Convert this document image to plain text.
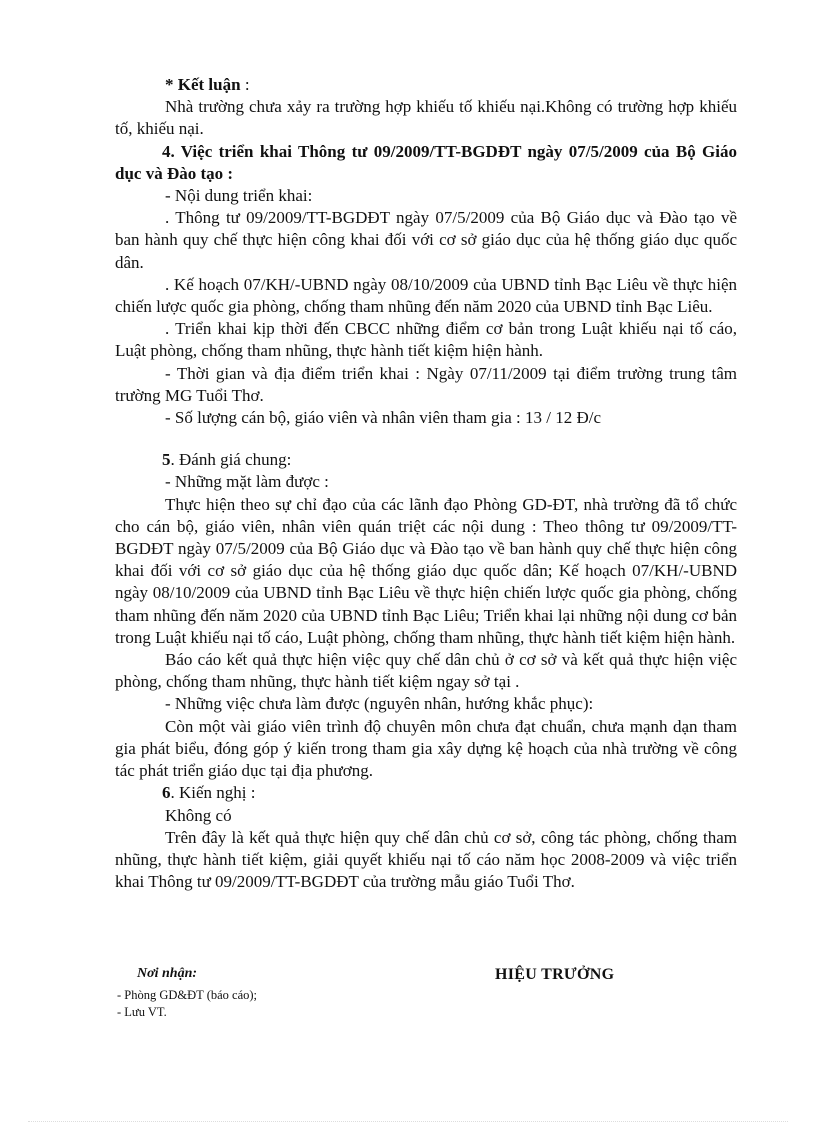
* Kết luận :

Nhà trường chưa xảy ra trường hợp khiếu tố khiếu nại.Không có trường hợp khiếu tố, khiếu nại.

4. Việc triển khai Thông tư 09/2009/TT-BGDĐT ngày 07/5/2009 của Bộ Giáo dục và Đào tạo :

- Nội dung triển khai:

. Thông tư 09/2009/TT-BGDĐT ngày 07/5/2009 của Bộ Giáo dục và Đào tạo về ban hành quy chế thực hiện công khai đối với cơ sở giáo dục của hệ thống giáo dục quốc dân.

. Kế hoạch 07/KH/-UBND ngày 08/10/2009 của UBND tỉnh Bạc Liêu về thực hiện chiến lược quốc gia phòng, chống tham nhũng đến năm 2020 của UBND tỉnh Bạc Liêu.

. Triển khai kịp thời đến CBCC những điểm cơ bản trong Luật khiếu nại tố cáo, Luật phòng, chống tham nhũng, thực hành tiết kiệm hiện hành.

- Thời gian và địa điểm triển khai : Ngày 07/11/2009 tại điểm trường trung tâm trường MG Tuổi Thơ.

- Số lượng cán bộ, giáo viên và nhân viên tham gia : 13 / 12 Đ/c

5. Đánh giá chung:

- Những mặt làm được :

Thực hiện theo sự chỉ đạo của các lãnh đạo Phòng GD-ĐT, nhà trường đã tổ chức cho cán bộ, giáo viên, nhân viên quán triệt các nội dung : Theo thông tư 09/2009/TT-BGDĐT ngày 07/5/2009 của Bộ Giáo dục và Đào tạo về ban hành quy chế thực hiện công khai đối với cơ sở giáo dục của hệ thống giáo dục quốc dân; Kế hoạch 07/KH/-UBND ngày 08/10/2009 của UBND tỉnh Bạc Liêu về thực hiện chiến lược quốc gia phòng, chống tham nhũng đến năm 2020 của UBND tỉnh Bạc Liêu; Triển khai lại những nội dung cơ bản trong Luật khiếu nại tố cáo, Luật phòng, chống tham nhũng, thực hành tiết kiệm hiện hành.

Báo cáo kết quả thực hiện việc quy chế dân chủ ở cơ sở và kết quả thực hiện việc phòng, chống tham nhũng, thực hành tiết kiệm ngay sở tại .

- Những việc chưa làm được (nguyên nhân, hướng khắc phục):

Còn một vài giáo viên trình độ chuyên môn chưa đạt chuẩn, chưa mạnh dạn tham gia phát biểu, đóng góp ý kiến trong tham gia xây dựng kệ hoạch của nhà trường về công tác phát triển giáo dục tại địa phương.

6. Kiến nghị :

Không có

Trên đây là kết quả thực hiện quy chế dân chủ cơ sở, công tác phòng, chống tham nhũng, thực hành tiết kiệm, giải quyết khiếu nại tố cáo năm học 2008-2009 và việc triển khai Thông tư 09/2009/TT-BGDĐT của trường mẫu giáo Tuổi Thơ.

Nơi nhận:
- Phòng GD&ĐT (báo cáo);
- Lưu VT.
HIỆU TRƯỞNG
